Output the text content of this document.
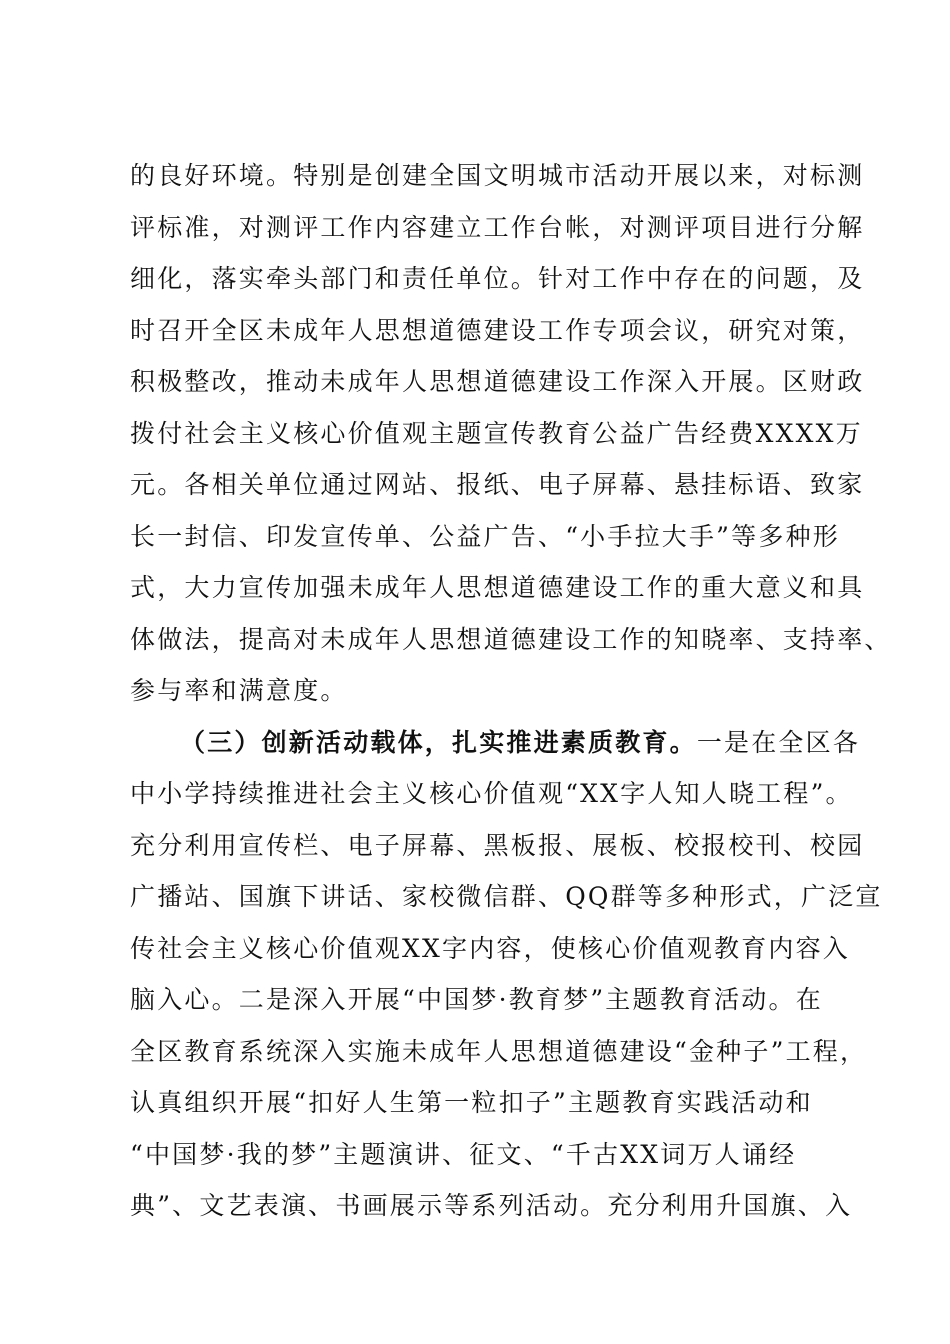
的良好环境。特别是创建全国文明城市活动开展以来，对标测
评标准，对测评工作内容建立工作台帐，对测评项目进行分解
细化，落实牵头部门和责任单位。针对工作中存在的问题，及
时召开全区未成年人思想道德建设工作专项会议，研究对策，
积极整改，推动未成年人思想道德建设工作深入开展。区财政
拨付社会主义核心价值观主题宣传教育公益广告经费XXXX万
元。各相关单位通过网站、报纸、电子屏幕、悬挂标语、致家
长一封信、印发宣传单、公益广告、“小手拉大手”等多种形
式，大力宣传加强未成年人思想道德建设工作的重大意义和具
体做法，提高对未成年人思想道德建设工作的知晓率、支持率、
参与率和满意度。
（三）创新活动载体，扎实推进素质教育。一是在全区各
中小学持续推进社会主义核心价值观“XX字人知人晓工程”。
充分利用宣传栏、电子屏幕、黑板报、展板、校报校刊、校园
广播站、国旗下讲话、家校微信群、QQ群等多种形式，广泛宣
传社会主义核心价值观XX字内容，使核心价值观教育内容入
脑入心。二是深入开展“中国梦·教育梦”主题教育活动。在
全区教育系统深入实施未成年人思想道德建设“金种子”工程，
认真组织开展“扣好人生第一粒扣子”主题教育实践活动和
“中国梦·我的梦”主题演讲、征文、“千古XX词万人诵经
典”、文艺表演、书画展示等系列活动。充分利用升国旗、入
